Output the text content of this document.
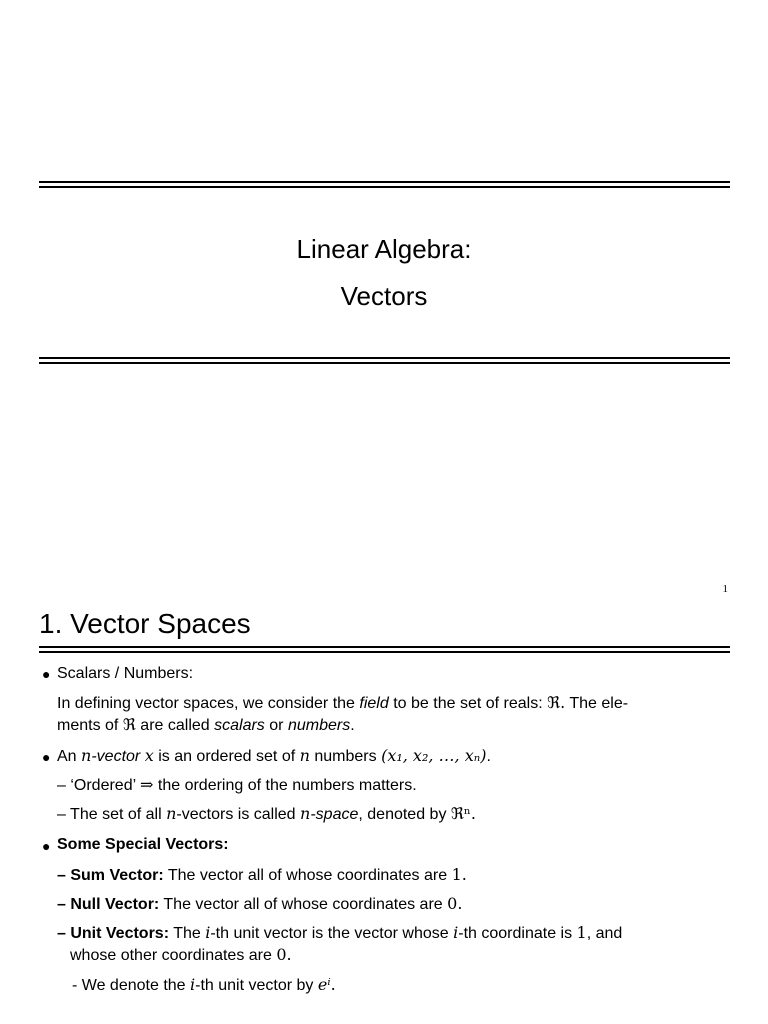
Linear Algebra:
Vectors
1
1. Vector Spaces
● Scalars / Numbers:
In defining vector spaces, we consider the field to be the set of reals: ℜ. The ele-
ments of ℜ are called scalars or numbers.
● An n-vector x is an ordered set of n numbers (x₁, x₂, …, xₙ).
– ‘Ordered’ ⇒ the ordering of the numbers matters.
– The set of all n-vectors is called n-space, denoted by ℜⁿ.
● Some Special Vectors:
– Sum Vector: The vector all of whose coordinates are 1.
– Null Vector: The vector all of whose coordinates are 0.
– Unit Vectors: The i-th unit vector is the vector whose i-th coordinate is 1, and
whose other coordinates are 0.
- We denote the i-th unit vector by eⁱ.
